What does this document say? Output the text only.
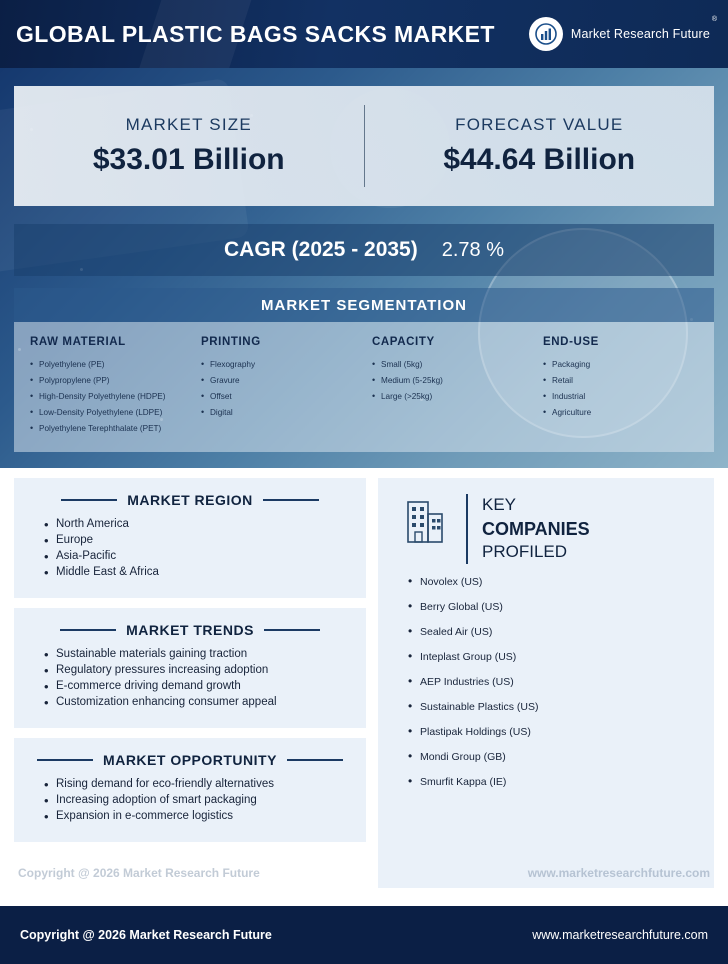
GLOBAL PLASTIC BAGS SACKS MARKET	Market Research Future
®
MARKET SIZE
$33.01 Billion
FORECAST VALUE
$44.64 Billion
CAGR (2025 - 2035) 2.78 %
MARKET SEGMENTATION
RAW MATERIAL
• Polyethylene (PE)
• Polypropylene (PP)
• High-Density Polyethylene (HDPE)
• Low-Density Polyethylene (LDPE)
• Polyethylene Terephthalate (PET)
PRINTING
• Flexography
• Gravure
• Offset
• Digital
CAPACITY
• Small (5kg)
• Medium (5-25kg)
• Large (>25kg)
END-USE
• Packaging
• Retail
• Industrial
• Agriculture
MARKET REGION
• North America
• Europe
• Asia-Pacific
• Middle East & Africa
MARKET TRENDS
• Sustainable materials gaining traction
• Regulatory pressures increasing adoption
• E-commerce driving demand growth
• Customization enhancing consumer appeal
MARKET OPPORTUNITY
• Rising demand for eco-friendly alternatives
• Increasing adoption of smart packaging
• Expansion in e-commerce logistics
KEY
COMPANIES
PROFILED
• Novolex (US)
• Berry Global (US)
• Sealed Air (US)
• Inteplast Group (US)
• AEP Industries (US)
• Sustainable Plastics (US)
• Plastipak Holdings (US)
• Mondi Group (GB)
• Smurfit Kappa (IE)
Copyright @ 2026 Market Research Future	www.marketresearchfuture.com
Copyright @ 2026 Market Research Future	www.marketresearchfuture.com
